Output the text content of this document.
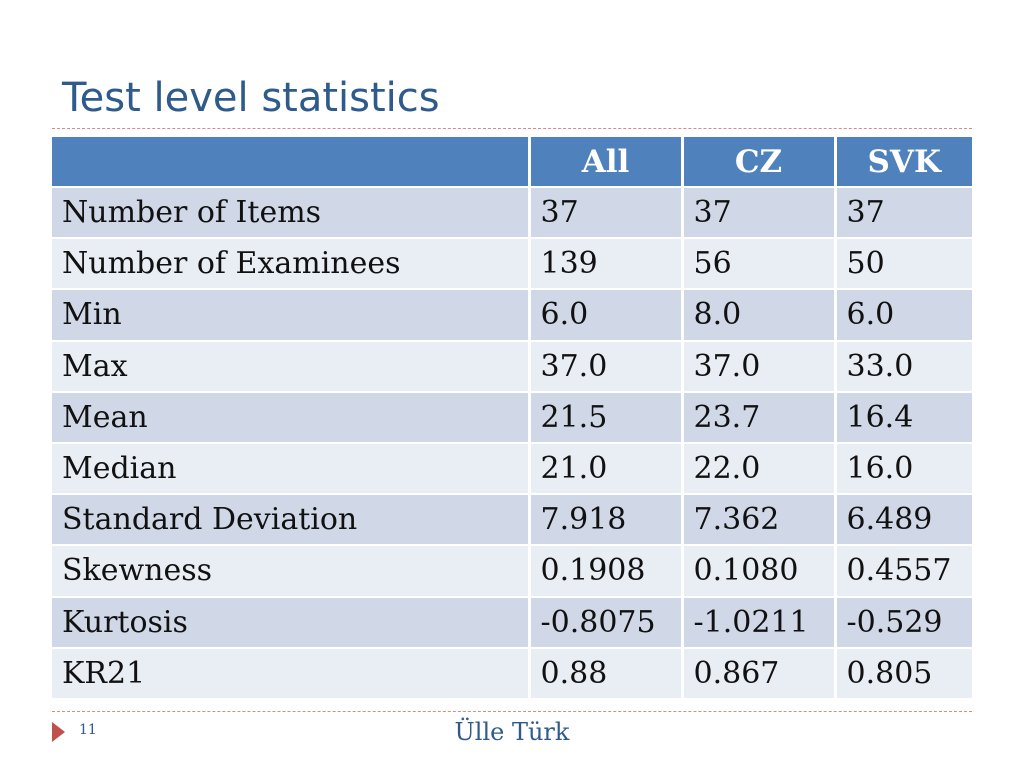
Test level statistics
	All	CZ	SVK
Number of Items	37	37	37
Number of Examinees	139	56	50
Min	6.0	8.0	6.0
Max	37.0	37.0	33.0
Mean	21.5	23.7	16.4
Median	21.0	22.0	16.0
Standard Deviation	7.918	7.362	6.489
Skewness	0.1908	0.1080	0.4557
Kurtosis	-0.8075	-1.0211	-0.529
KR21	0.88	0.867	0.805
11	Ülle Türk
